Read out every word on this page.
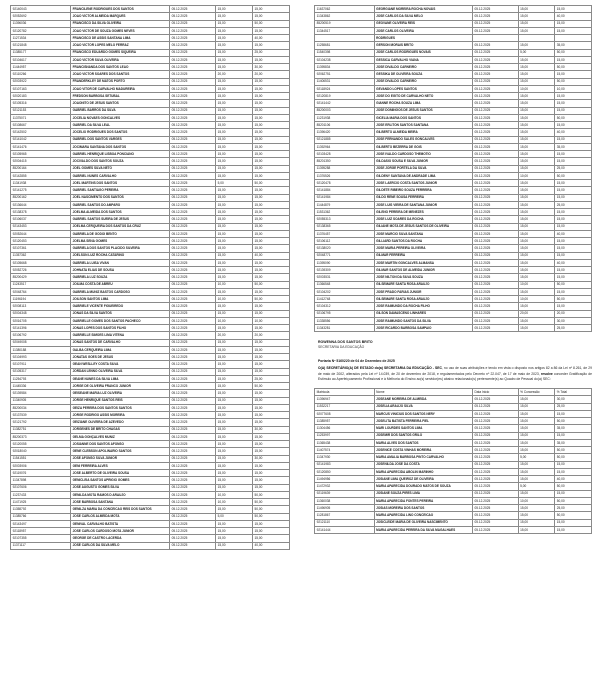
92140043	FRANCILENE RODRIGUES DOS SANTOS	05.12.2025	15,00	15,00
92052692	JOAO VICTOR ALMEIDA MARQUES	05.12.2025	15,00	15,00
11396036	FRANCISCO DA SILVA OLIVEIRA	05.12.2025	15,00	50,00
92120782	JOAO VICTOR DE SOUZA GOMES NEVES	05.12.2025	15,00	15,00
11271534	FRANCISCO DE ASSIS SANTANA LIMA	05.12.2025	15,00	40,00
92121848	JOAO VICTOR LOPES MELO FERRAZ	05.12.2025	15,00	15,00
11385177	FRANCISCO EDUARDO GOMES SIQUEIRA	05.12.2025	15,00	25,00
92104617	JOAO VICTOR SILVA OLIVEIRA	05.12.2025	15,00	15,00
11444957	FRANCISNANDA DOS SANTOS LEAO	05.12.2025	15,00	30,00
92110266	JOAO VICTOR SOARES DOS SANTOS	05.12.2025	20,00	20,00
92003922	FRANDERKLEY DE MATOS PORTO	05.12.2025	15,00	15,00
92107163	JOAO VITOR DE CARVALHO MADUREIRA	05.12.2025	15,00	15,00
92020183	FREDSON BARBOSA SETUBAL	05.12.2025	15,00	15,00
92105316	JOAONITO DE JESUS SANTOS	05.12.2025	15,00	15,00
92121153	GABRIEL BARROS DA SILVA	05.12.2025	15,00	15,00
11375071	JOCELIA NOVAES GONCALVES	05.12.2025	15,00	15,00
92108667	GABRIEL DA SILVA LEAL	05.12.2025	15,00	15,00
92142502	JOCELIO RODRIGUES DOS SANTOS	05.12.2025	15,00	15,00
92141042	GABRIEL DOS SANTOS VARGES	05.12.2025	15,00	15,00
92141476	JOCIMARA SANTANA DOS SANTOS	05.12.2025	15,00	15,00
92105965	GABRIEL HENRIQUE LISBOA PONCIANO	05.12.2025	15,00	15,00
92004415	JOCIVALDO DOS SANTOS SOUZA	05.12.2025	15,00	15,00
85200164	JOEL GOMES SILVA NETO	05.12.2025	15,00	15,00
92142855	GABRIEL NUNES CARVALHO	05.12.2025	15,00	15,00
11341938	JOEL MARTINS DOS SANTOS	05.12.2025	5,00	50,00
92141275	GABRIEL SANTIAGO PEREIRA	05.12.2025	15,00	15,00
85200162	JOEL NASCIMENTO DOS SANTOS	05.12.2025	15,00	15,00
92136644	GABRIEL SANTOS DO AMPARO	05.12.2025	15,00	15,00
92138378	JOELMA ALMEIDA DOS SANTOS	05.12.2025	15,00	15,00
92106037	GABRIEL SANTOS SUEIRA DE JESUS	05.12.2025	15,00	15,00
92143453	JOELMA CERQUEIRA DOS SANTOS DA CRUZ	05.12.2025	15,00	15,00
92052644	GABRIELA DE GODOI BENTO	05.12.2025	15,00	15,00
92120453	JOELMA SENA GOMES	05.12.2025	15,00	15,00
92107361	GABRIELA DOS SANTOS PLACIDO SILVEIRA	05.12.2025	15,00	15,00
11357362	JOELSON LUIZ ROCHA CATARINO	05.12.2025	15,00	40,00
92105668	GABRIELA LUISA VIVAN	05.12.2025	15,00	15,00
92052726	JOHNATA ELIAS DE SOUSA	05.12.2025	15,00	15,00
85200429	GABRIELA LUZ SOUZA	05.12.2025	15,00	15,00
11243517	JOILMA COSTA DE ABREU	05.12.2025	10,00	50,00
92048764	GABRIELA MUNIZ BASTOS CARDOSO	05.12.2025	15,00	15,00
11196194	JOILSON SANTOS LIMA	05.12.2025	10,00	50,00
92008113	GABRIELE VICENTE FIGUEIREDO	05.12.2025	15,00	15,00
92004348	JONAS DA SILVA SANTOS	05.12.2025	15,00	15,00
92016705	GABRIELLE GOMES DOS SANTOS PACHECO	05.12.2025	10,00	10,00
92141396	JONAS LOPES DOS SANTOS FILHO	05.12.2025	15,00	15,00
92106792	GABRIELLE SIMOES LIMA VITENA	05.12.2025	20,00	20,00
92049008	JONAS SANTOS DE CARVALHO	05.12.2025	15,00	15,00
11380188	GALBA CERQUEIRA LIMA	05.12.2025	15,00	15,00
92104993	JONATAS GOES DE JESUS	05.12.2025	15,00	15,00
92107911	GEAN WESLLEY COSTA SILVA	05.12.2025	15,00	15,00
92105317	JORDAN LENNO OLIVEIRA SILVA	05.12.2025	15,00	15,00
11254793	GEANE NUNES DA SILVA LIMA	05.12.2025	15,00	25,00
11445336	JORGE DE OLIVEIRA FRANCO JUNIOR	05.12.2025	15,00	50,00
92139584	GEISEANE MARIA LUZ OLIVEIRA	05.12.2025	15,00	15,00
11340905	JORGE HENRIQUE SANTOS REIS	05.12.2025	15,00	15,00
85200034	GEIZA PEREIRA DOS SANTOS SANTOS	05.12.2025	15,00	15,00
92137539	JORGE RODRIGO ASSIS MOREIRA	05.12.2025	15,00	15,00
92121792	GEIZIANE OLIVEIRA DE AZEVEDO	05.12.2025	15,00	15,00
11382751	JORGENES DE BRITO CHAGAS	05.12.2025	15,00	30,00
85200373	GELMA GONÇALVES MUNIZ	05.12.2025	15,00	15,00
92120055	JOSIANNE DOS SANTOS AFONSO	05.12.2025	15,00	15,00
92018040	GENE CLEBSON APOLINARIO SANTOS	05.12.2025	15,00	15,00
11541551	JOSE AFONSO SILVA JUNIOR	05.12.2025	15,00	30,00
92003906	GENI FERREIRA ALVES	05.12.2025	15,00	15,00
92119076	JOSE ALBERTO DE OLIVEIRA SOUSA	05.12.2025	15,00	15,00
11347898	GENICLEIA SANTOS APRIGIO GOMES	05.12.2025	15,00	15,00
92107606	JOSE AUGUSTO GOMES SILVA	05.12.2025	15,00	15,00
11237433	GENILDA MOTA RAMOS D ARAUJO	05.12.2025	10,00	50,00
11471925	JOSE BARBOSA SANTANA	05.12.2025	10,00	50,00
11358792	GENILZA MARIA DA CONCEICAO REIS DOS SANTOS	05.12.2025	15,00	50,00
11385766	JOSE CARLOS ALMEIDA MOTA	05.12.2025	5,00	50,00
92143497	GENIVAL CARVALHO BATISTA	05.12.2025	15,00	15,00
92118957	JOSE CARLOS CARDOSO MOTA JUNIOR	05.12.2025	15,00	15,00
92107355	GEORGE DE CASTRO LACERDA	05.12.2025	15,00	15,00
11371117	JOSE CARLOS DA SILVA MELO	05.12.2025	15,00	40,00
11637062	GEORGIANE MOREIRA ROCHA NOVAIS	05.12.2025	15,00	15,00
11343862	JOSE CARLOS DA SILVA MELO	05.12.2025	15,00	40,00
85200519	GEOVANE OLIVEIRA REIS	05.12.2025	15,00	15,00
11344517	JOSE CARLOS OLIVEIRA	05.12.2025	15,00	15,00
	RODRIGUES			
11258681	GERSON MORAIS BRITO	05.12.2025	15,00	35,00
11540398	JOSE CARLOS RODRIGUES NOVAIS	05.12.2025	5,00	50,00
92104238	GESSICA CARVALHO VIANA	05.12.2025	15,00	15,00
11395834	JOSE DIVALDO CARNEIRO	05.12.2025	15,00	50,00
92062751	GESSIKA DE OLIVEIRA SOUZA	05.12.2025	15,00	15,00
11406531	JOSE DIVALDO CARNEIRO	05.12.2025	15,00	50,00
92118924	GEVANDO LOPES SANTOS	05.12.2025	10,00	10,00
92120819	JOSE DO EGITO DE CARVALHO NETO	05.12.2025	15,00	15,00
92141442	GIANNE ROCHA SOUZA LIMA	05.12.2025	15,00	15,00
85200003	JOSE DOMINGOS DE JESUS SANTOS	05.12.2025	15,00	15,00
11231938	GICELIA MARIA DOS SANTOS	05.12.2025	15,00	50,00
85201106	JOSE ERLITON SANTOS SANTANA	05.12.2025	15,00	15,00
11396420	GILBERTO ALMEIDA MEIRA	05.12.2025	15,00	40,00
92121885	JOSE FERNANDO SALES GONCALVES	05.12.2025	15,00	15,00
11392964	GILBERTO BEZERRA DE GOIS	05.12.2025	15,00	35,00
92103428	JOSE IVALDO CARDOSO THEMOTIO	05.12.2025	15,00	15,00
85201350	GILDASIO SOUSA E SILVA JUNIOR	05.12.2025	15,00	15,00
11395288	JOSE JORGE PORTELA DA SILVA	05.12.2025	15,00	25,00
11376526	GILDENY SANTANA DE ANDRADE LIMA	05.12.2025	10,00	50,00
92120478	JOSE LAERCIO COSTA SANTOS JUNIOR	05.12.2025	15,00	15,00
92141884	GILDETE RIBEIRO SOUZA FERREIRA	05.12.2025	15,00	15,00
92141984	GILDO RENE SOUSA FERREIRA	05.12.2025	15,00	15,00
11444879	JOSE LUIS VIEIRA DE SANTANA JUNIOR	05.12.2025	15,00	25,00
11531362	GILENO PEREIRA DE MENEZES	05.12.2025	15,00	15,00
92055313	JOSE LUIZ SOARES DA ROCHA	05.12.2025	15,00	15,00
92138365	GILIANE MOTA DE JESUS SANTOS DE OLIVEIRA	05.12.2025	15,00	15,00
11376457	JOSE MARCIO SILVA SANTANA	05.12.2025	15,00	40,00
92106112	GILLIARD SANTOS DA ROCHA	05.12.2025	15,00	15,00
92138020	JOSE MARIA PEREIRA OLIVEIRA	05.12.2025	15,00	15,00
92048771	GILMAR FERREIRA	05.12.2025	15,00	15,00
11395090	JOSE MARTIN GONCALVES ALMANSA	05.12.2025	15,00	40,00
92139309	GILMAR SANTOS DE ALMEIDA JUNIOR	05.12.2025	15,00	15,00
92003531	JOSE NILTON DA SILVA SOUZA	05.12.2025	15,00	15,00
11366548	GILSEMARE SANTA ROSA ARAUJO	05.12.2025	10,00	50,00
92104202	JOSE PRADO FARIAS JUNIOR	05.12.2025	15,00	15,00
11412748	GILSEMARE SANTA ROSA ARAUJO	05.12.2025	10,00	50,00
92104312	JOSE RAIMUNDO DA ROCHA FILHO	05.12.2025	15,00	15,00
92106795	GILSON DAMASCENO LINHARES	05.12.2025	20,00	20,00
11338556	JOSE RAIMUNDO SANTOS DA SILVA	05.12.2025	15,00	30,00
11343281	JOSE RICARDO BARBOSA SAMPAIO	05.12.2025	15,00	25,00
ROWENNA DOS SANTOS BRITO
SECRETARIA DA EDUCAÇÃO
Portaria Nº 5160220 de 04 de Dezembro de 2025
O(A) SECRETÁRIO(A) DE ESTADO do(a) SECRETARIA DA EDUCAÇÃO - SEC, no uso de suas atribuições e tendo em vista o disposto nos artigos 82 a 86 da Lei nº 8.261, de 29 de maio de 2002, alterados pela Lei nº 14.039, de 20 de dezembro de 2018, e regulamentados pelo Decreto nº 22.047, de 17 de maio de 2023, resolve conceder Gratificação de Estímulo ao Aperfeiçoamento Profissional e à Melhoria do Ensino ao(s) servidor(es) abaixo relacionado(s) pertencente(s) ao Quadro de Pessoal do(a) SEC:
Matricula	Nome	Data Inicio	% Concessão	% Total
11396947	JOSEANE MOREIRA DE ALMEIDA	05.12.2025	15,00	30,00
11532217	JOSELIA ARAUJO SILVA	05.12.2025	15,00	25,00
92077608	MARCUS VINICIUS DOS SANTOS NERY	05.12.2025	15,00	15,00
11385957	JOSELITA BATISTA FERREIRA FIEL	05.12.2025	15,00	50,00
11304456	MARI LOURDES SANTOS LIMA	05.12.2025	15,00	35,00
11253997	JOSEMIR DOS SANTOS GRILO	05.12.2025	15,00	15,00
11365438	MARIA ALVES DOS SANTOS	05.12.2025	15,00	35,00
11407574	JOSENICE COSTA VINHAS MOREIRA	05.12.2025	15,00	50,00
11347930	MARIA AMALIA BARBOSA PINTO CARVALHO	05.12.2025	5,00	50,00
92141983	JOSENILDA JOSE DA COSTA	05.12.2025	15,00	15,00
92120850	MARIA APARECIDA ABOLIN MARINHO	05.12.2025	15,00	15,00
11494956	JOSIANE LIMA QUEIROZ DE OLIVEIRA	05.12.2025	15,00	40,00
11472932	MARIA APARECIDA DOURADO MATOS DE SOUZA	05.12.2025	5,00	50,00
92119639	JOSIANE SOUZA PIRES LIMA	05.12.2025	15,00	15,00
11360038	MARIA APARECIDA FONTES PEREIRA	05.12.2025	10,00	50,00
11496905	JOSIAS MOREIRA DOS SANTOS	05.12.2025	15,00	25,00
11281867	MARIA APARECIDA LINO CONCEICAO	05.12.2025	15,00	50,00
92121110	JOSICLEIDE MARIA DE OLIVEIRA NASCIMENTO	05.12.2025	15,00	15,00
92141444	MARIA APARECIDA PEREIRA DA SILVA MAGALHAES	05.12.2025	15,00	15,00
